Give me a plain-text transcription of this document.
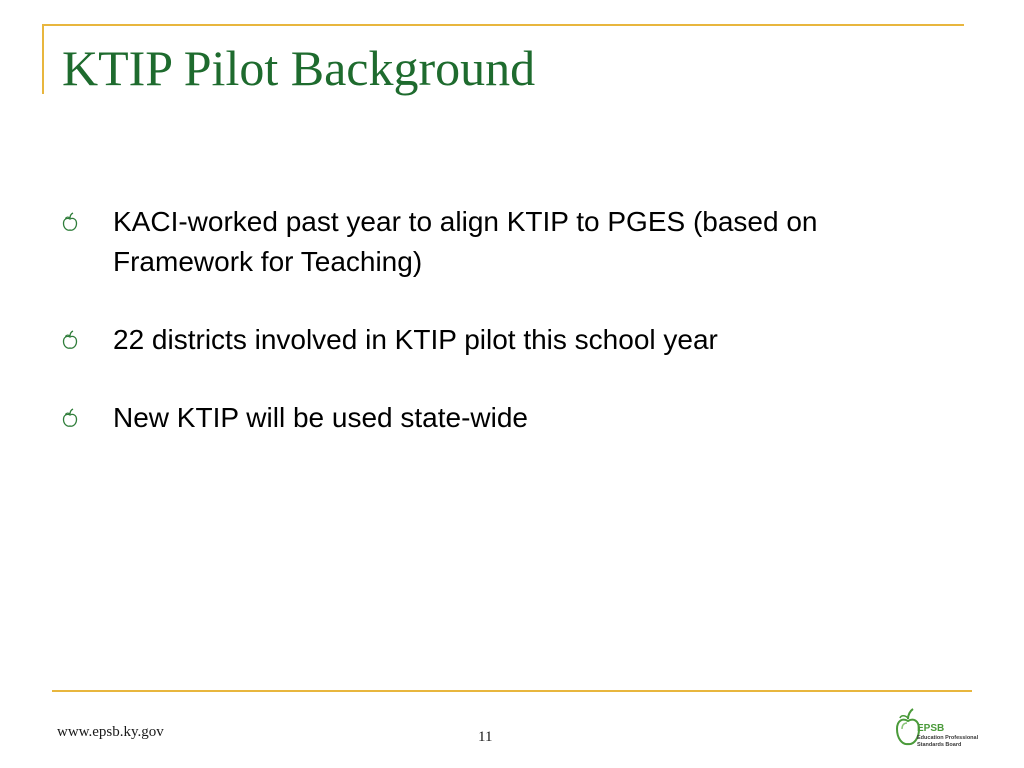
KTIP Pilot Background
KACI-worked past year to align KTIP to PGES (based on Framework for Teaching)
22 districts involved in KTIP pilot this school year
New KTIP will be used state-wide
www.epsb.ky.gov	11
EPSB
Education Professional Standards Board
